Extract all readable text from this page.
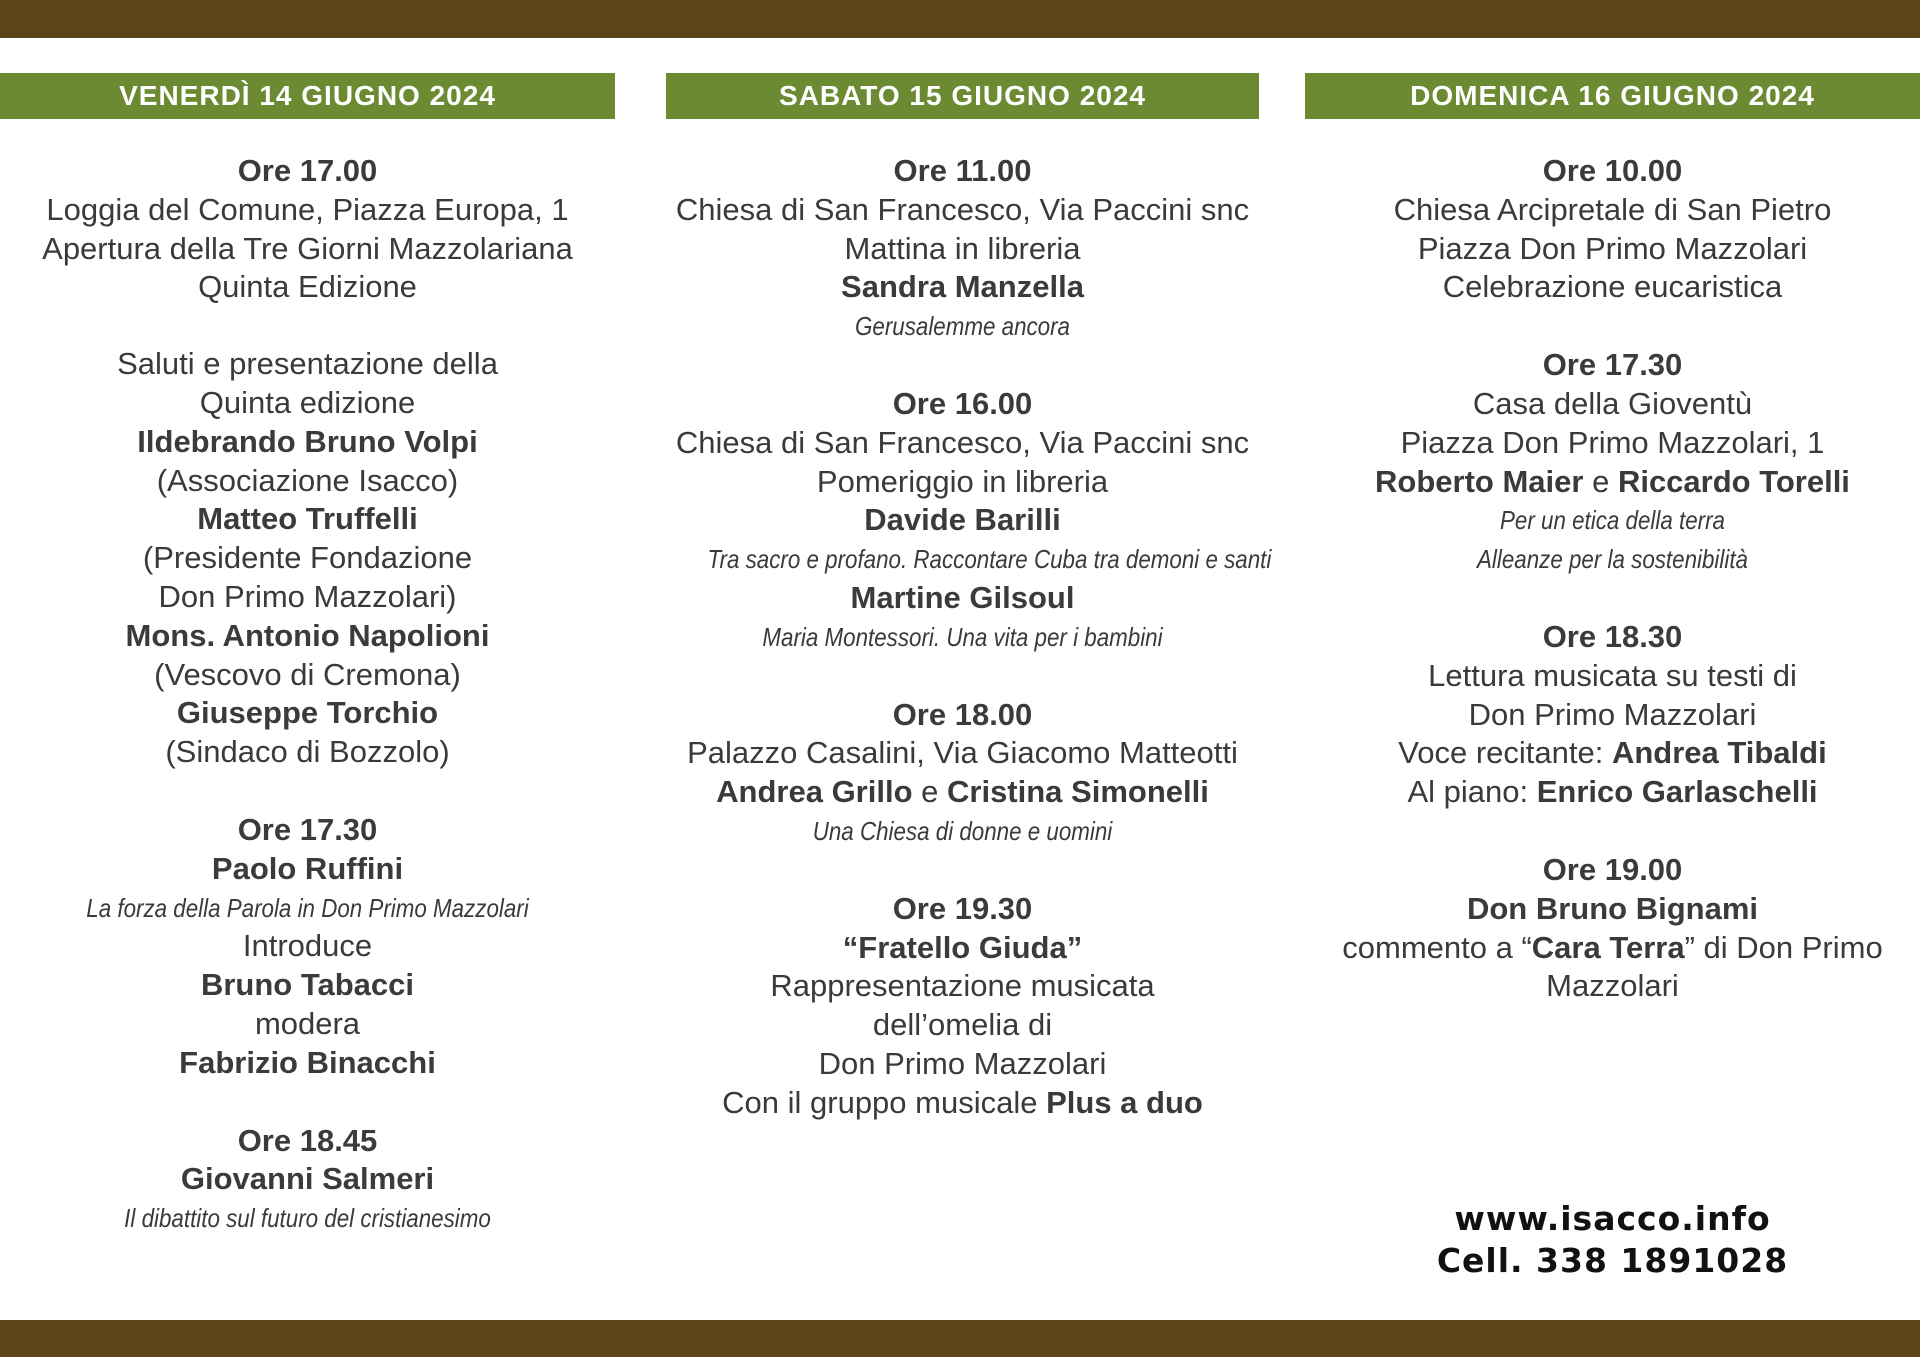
VENERDÌ 14 GIUGNO 2024
Ore 17.00
Loggia del Comune, Piazza Europa, 1
Apertura della Tre Giorni Mazzolariana
Quinta Edizione
Saluti e presentazione della
Quinta edizione
Ildebrando Bruno Volpi
(Associazione Isacco)
Matteo Truffelli
(Presidente Fondazione
Don Primo Mazzolari)
Mons. Antonio Napolioni
(Vescovo di Cremona)
Giuseppe Torchio
(Sindaco di Bozzolo)
Ore 17.30
Paolo Ruffini
La forza della Parola in Don Primo Mazzolari
Introduce
Bruno Tabacci
modera
Fabrizio Binacchi
Ore 18.45
Giovanni Salmeri
Il dibattito sul futuro del cristianesimo
SABATO 15 GIUGNO 2024
Ore 11.00
Chiesa di San Francesco, Via Paccini snc
Mattina in libreria
Sandra Manzella
Gerusalemme ancora
Ore 16.00
Chiesa di San Francesco, Via Paccini snc
Pomeriggio in libreria
Davide Barilli
Tra sacro e profano. Raccontare Cuba tra demoni e santi
Martine Gilsoul
Maria Montessori. Una vita per i bambini
Ore 18.00
Palazzo Casalini, Via Giacomo Matteotti
Andrea Grillo e Cristina Simonelli
Una Chiesa di donne e uomini
Ore 19.30
“Fratello Giuda”
Rappresentazione musicata
dell’omelia di
Don Primo Mazzolari
Con il gruppo musicale Plus a duo
DOMENICA 16 GIUGNO 2024
Ore 10.00
Chiesa Arcipretale di San Pietro
Piazza Don Primo Mazzolari
Celebrazione eucaristica
Ore 17.30
Casa della Gioventù
Piazza Don Primo Mazzolari, 1
Roberto Maier e Riccardo Torelli
Per un etica della terra
Alleanze per la sostenibilità
Ore 18.30
Lettura musicata su testi di
Don Primo Mazzolari
Voce recitante: Andrea Tibaldi
Al piano: Enrico Garlaschelli
Ore 19.00
Don Bruno Bignami
commento a “Cara Terra” di Don Primo
Mazzolari
www.isacco.info
Cell. 338 1891028
